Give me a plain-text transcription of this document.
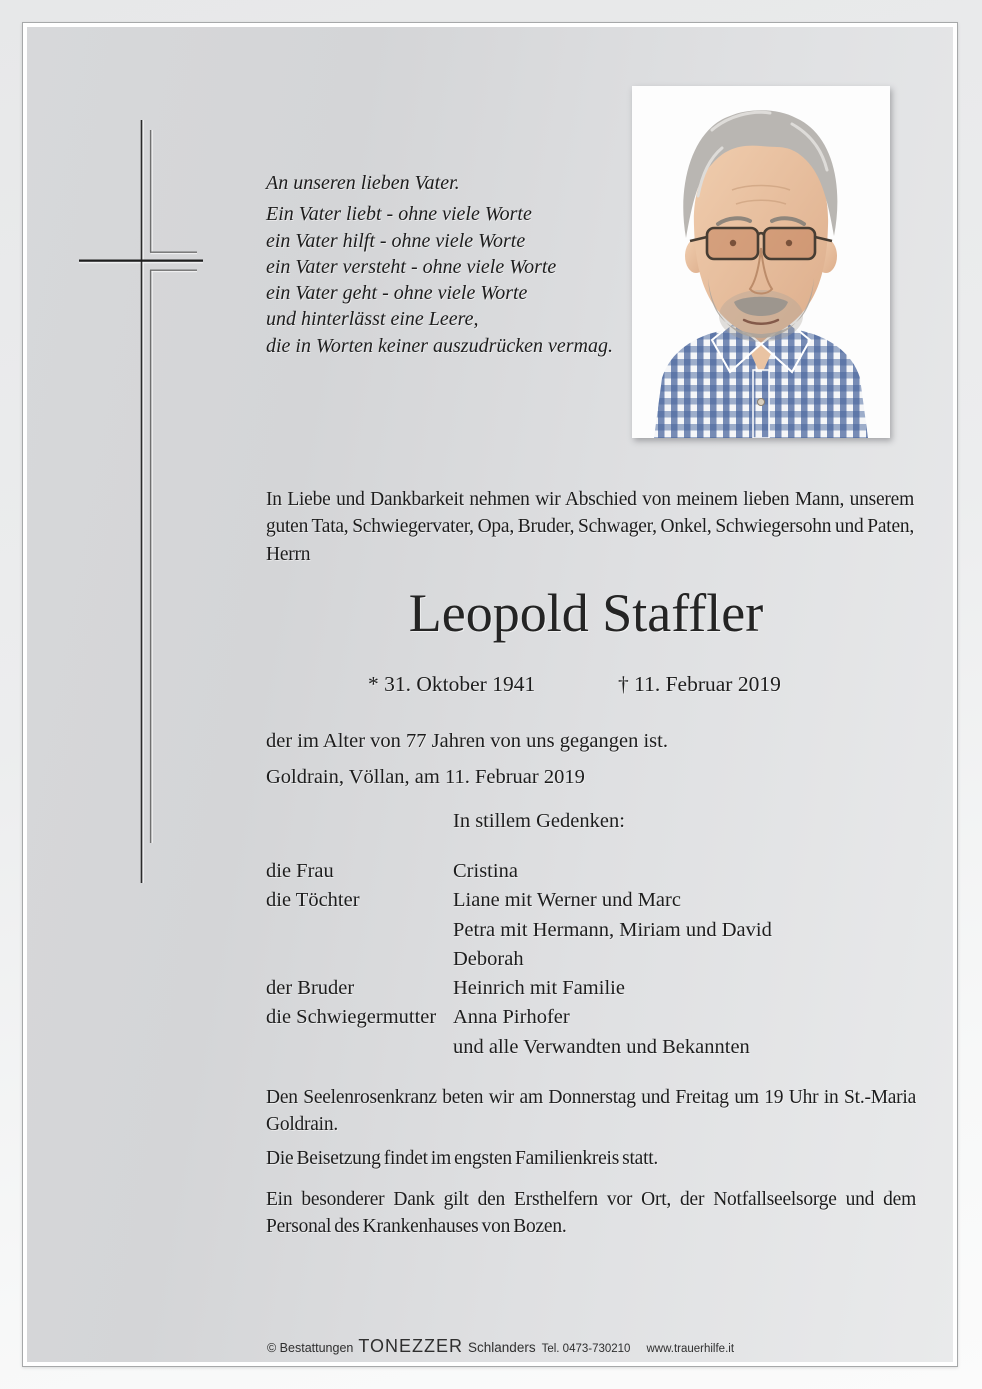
An unseren lieben Vater.
Ein Vater liebt - ohne viele Worte
ein Vater hilft - ohne viele Worte
ein Vater versteht - ohne viele Worte
ein Vater geht - ohne viele Worte
und hinterlässt eine Leere,
die in Worten keiner auszudrücken vermag.
In Liebe und Dankbarkeit nehmen wir Abschied von meinem lieben Mann, unserem guten Tata, Schwiegervater, Opa, Bruder, Schwager, Onkel, Schwiegersohn und Paten, Herrn
Leopold Staffler
* 31. Oktober 1941	† 11. Februar 2019
der im Alter von 77 Jahren von uns gegangen ist.
Goldrain, Völlan, am 11. Februar 2019
In stillem Gedenken:
die Frau	Cristina
die Töchter	Liane mit Werner und Marc
Petra mit Hermann, Miriam und David
Deborah
der Bruder	Heinrich mit Familie
die Schwiegermutter Anna Pirhofer
und alle Verwandten und Bekannten
Den Seelenrosenkranz beten wir am Donnerstag und Freitag um 19 Uhr in St.-Maria Goldrain.
Die Beisetzung findet im engsten Familienkreis statt.
Ein besonderer Dank gilt den Ersthelfern vor Ort, der Notfallseelsorge und dem Personal des Krankenhauses von Bozen.
© Bestattungen TONEZZER Schlanders Tel. 0473-730210 www.trauerhilfe.it
